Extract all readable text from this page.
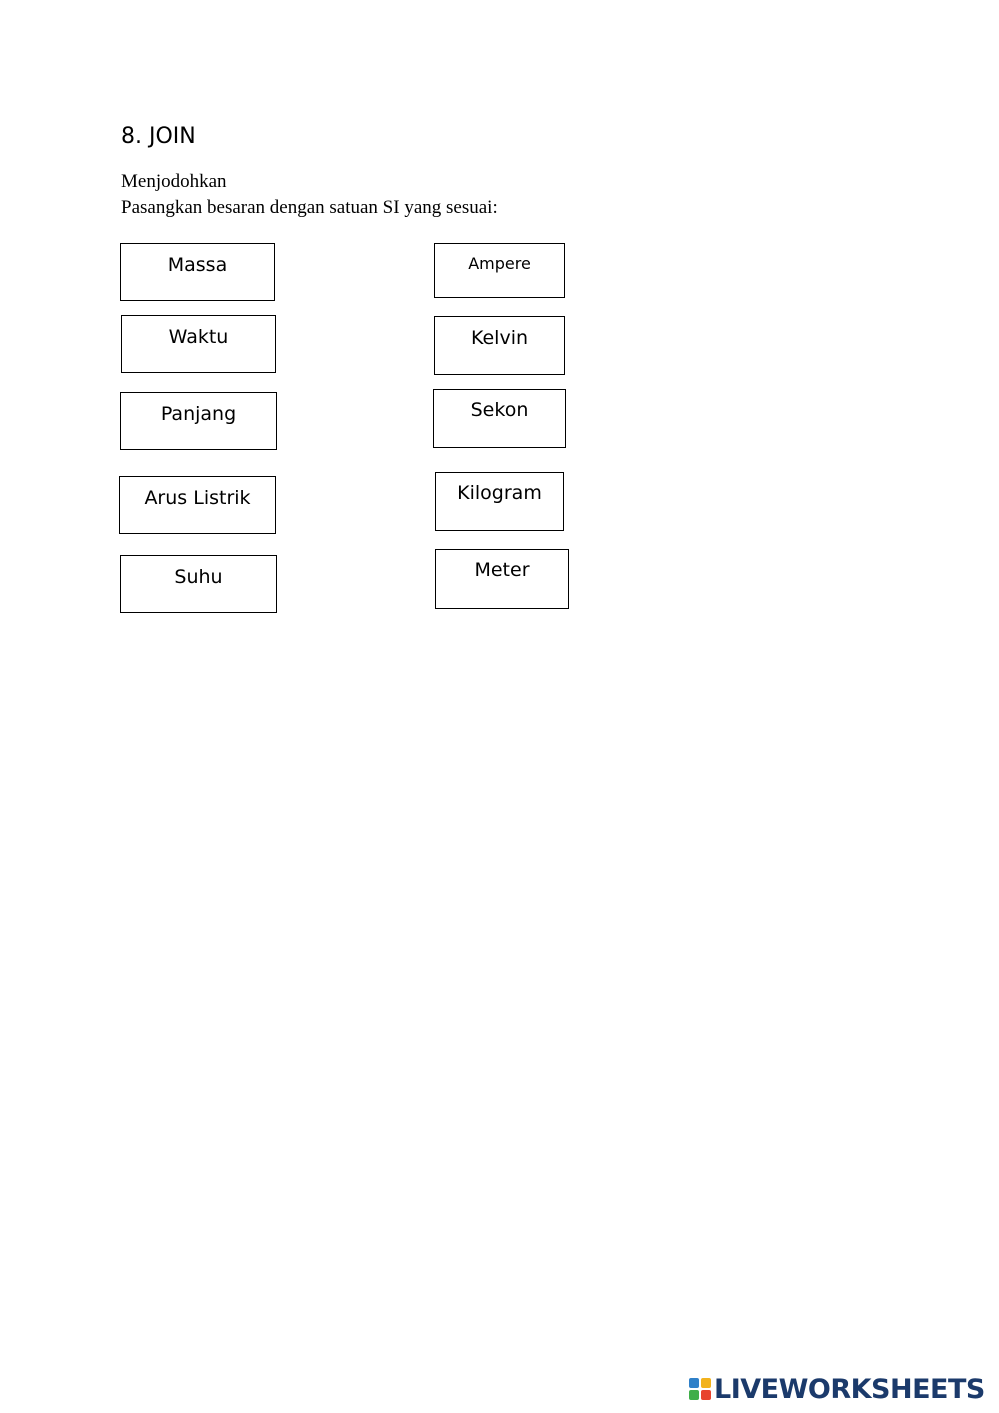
8. JOIN
Menjodohkan
Pasangkan besaran dengan satuan SI yang sesuai:
Massa
Waktu
Panjang
Arus Listrik
Suhu
Ampere
Kelvin
Sekon
Kilogram
Meter
LIVEWORKSHEETS
